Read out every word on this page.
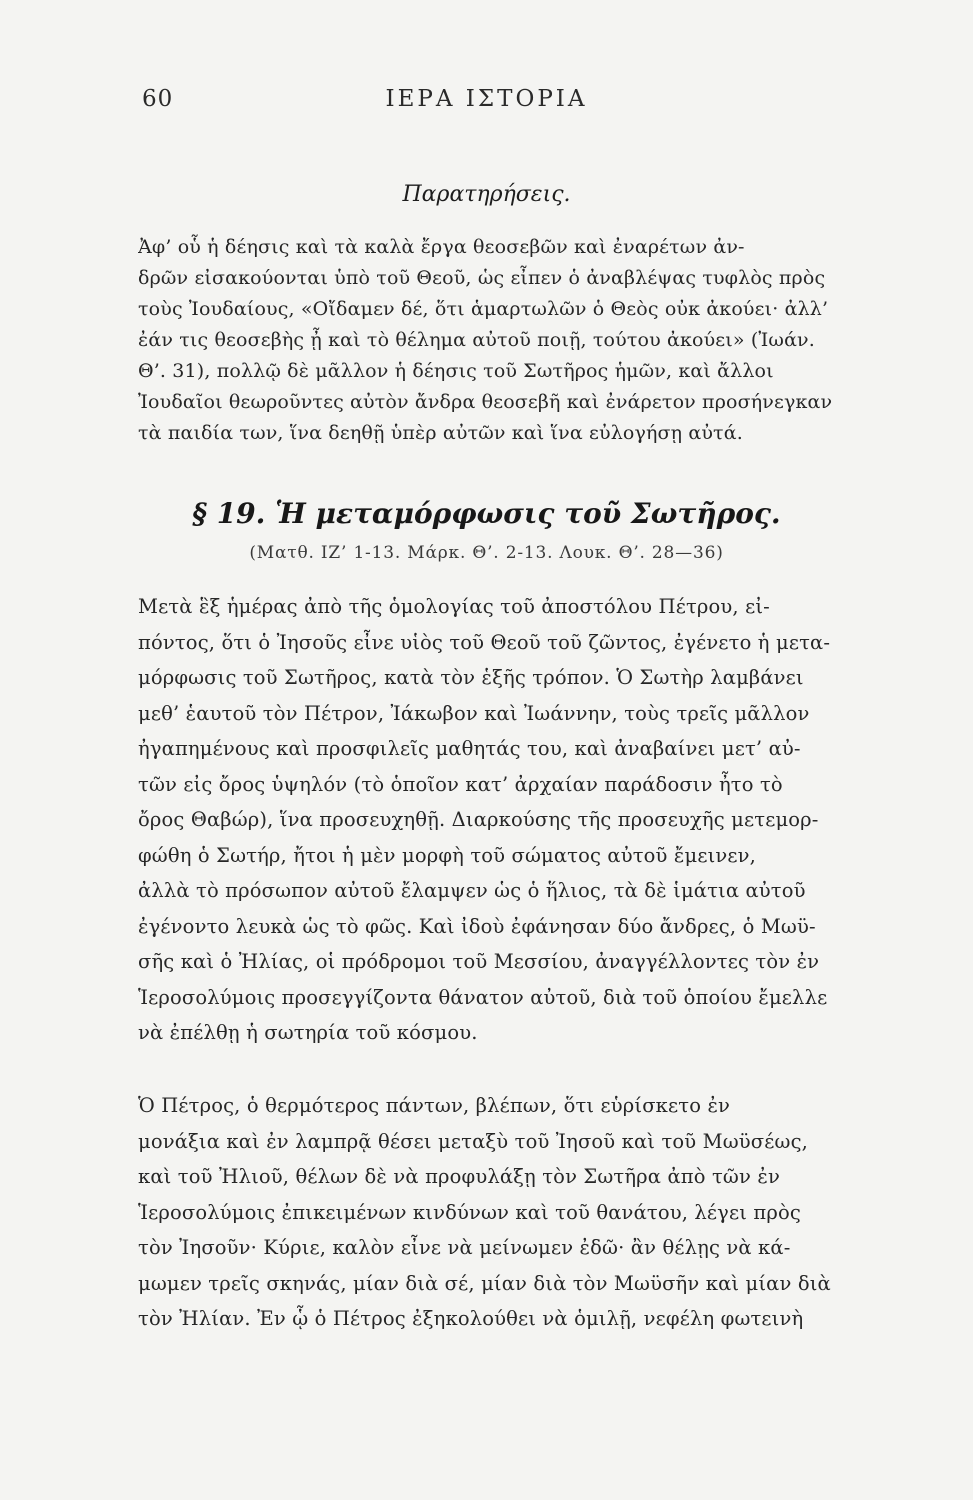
60	ΙΕΡΑ ΙΣΤΟΡΙΑ
Παρατηρήσεις.
Ἀφ’ οὗ ἡ δέησις καὶ τὰ καλὰ ἔργα θεοσεβῶν καὶ ἐναρέτων ἀν-
δρῶν εἰσακούονται ὑπὸ τοῦ Θεοῦ, ὡς εἶπεν ὁ ἀναβλέψας τυφλὸς πρὸς
τοὺς Ἰουδαίους, «Οἴδαμεν δέ, ὅτι ἁμαρτωλῶν ὁ Θεὸς οὐκ ἀκούει· ἀλλ’
ἐάν τις θεοσεβὴς ᾖ καὶ τὸ θέλημα αὐτοῦ ποιῇ, τούτου ἀκούει» (Ἰωάν.
Θ’. 31), πολλῷ δὲ μᾶλλον ἡ δέησις τοῦ Σωτῆρος ἡμῶν, καὶ ἄλλοι
Ἰουδαῖοι θεωροῦντες αὐτὸν ἄνδρα θεοσεβῆ καὶ ἐνάρετον προσήνεγκαν
τὰ παιδία των, ἵνα δεηθῇ ὑπὲρ αὐτῶν καὶ ἵνα εὐλογήσῃ αὐτά.
§ 19. Ἡ μεταμόρφωσις τοῦ Σωτῆρος.
(Ματθ. ΙΖ’ 1-13. Μάρκ. Θ’. 2-13. Λουκ. Θ’. 28—36)
Μετὰ ἓξ ἡμέρας ἀπὸ τῆς ὁμολογίας τοῦ ἀποστόλου Πέτρου, εἰ-
πόντος, ὅτι ὁ Ἰησοῦς εἶνε υἱὸς τοῦ Θεοῦ τοῦ ζῶντος, ἐγένετο ἡ μετα-
μόρφωσις τοῦ Σωτῆρος, κατὰ τὸν ἑξῆς τρόπον. Ὁ Σωτὴρ λαμβάνει
μεθ’ ἑαυτοῦ τὸν Πέτρον, Ἰάκωβον καὶ Ἰωάννην, τοὺς τρεῖς μᾶλλον
ἠγαπημένους καὶ προσφιλεῖς μαθητάς του, καὶ ἀναβαίνει μετ’ αὐ-
τῶν εἰς ὄρος ὑψηλόν (τὸ ὁποῖον κατ’ ἀρχαίαν παράδοσιν ἦτο τὸ
ὄρος Θαβώρ), ἵνα προσευχηθῇ. Διαρκούσης τῆς προσευχῆς μετεμορ-
φώθη ὁ Σωτήρ, ἤτοι ἡ μὲν μορφὴ τοῦ σώματος αὐτοῦ ἔμεινεν,
ἀλλὰ τὸ πρόσωπον αὐτοῦ ἔλαμψεν ὡς ὁ ἥλιος, τὰ δὲ ἱμάτια αὐτοῦ
ἐγένοντο λευκὰ ὡς τὸ φῶς. Καὶ ἰδοὺ ἐφάνησαν δύο ἄνδρες, ὁ Μωϋ-
σῆς καὶ ὁ Ἠλίας, οἱ πρόδρομοι τοῦ Μεσσίου, ἀναγγέλλοντες τὸν ἐν
Ἱεροσολύμοις προσεγγίζοντα θάνατον αὐτοῦ, διὰ τοῦ ὁποίου ἔμελλε
νὰ ἐπέλθῃ ἡ σωτηρία τοῦ κόσμου.
Ὁ Πέτρος, ὁ θερμότερος πάντων, βλέπων, ὅτι εὑρίσκετο ἐν
μονάξια καὶ ἐν λαμπρᾷ θέσει μεταξὺ τοῦ Ἰησοῦ καὶ τοῦ Μωϋσέως,
καὶ τοῦ Ἠλιοῦ, θέλων δὲ νὰ προφυλάξῃ τὸν Σωτῆρα ἀπὸ τῶν ἐν
Ἱεροσολύμοις ἐπικειμένων κινδύνων καὶ τοῦ θανάτου, λέγει πρὸς
τὸν Ἰησοῦν· Κύριε, καλὸν εἶνε νὰ μείνωμεν ἐδῶ· ἂν θέλῃς νὰ κά-
μωμεν τρεῖς σκηνάς, μίαν διὰ σέ, μίαν διὰ τὸν Μωϋσῆν καὶ μίαν διὰ
τὸν Ἠλίαν. Ἐν ᾧ ὁ Πέτρος ἐξηκολούθει νὰ ὁμιλῇ, νεφέλη φωτεινὴ
